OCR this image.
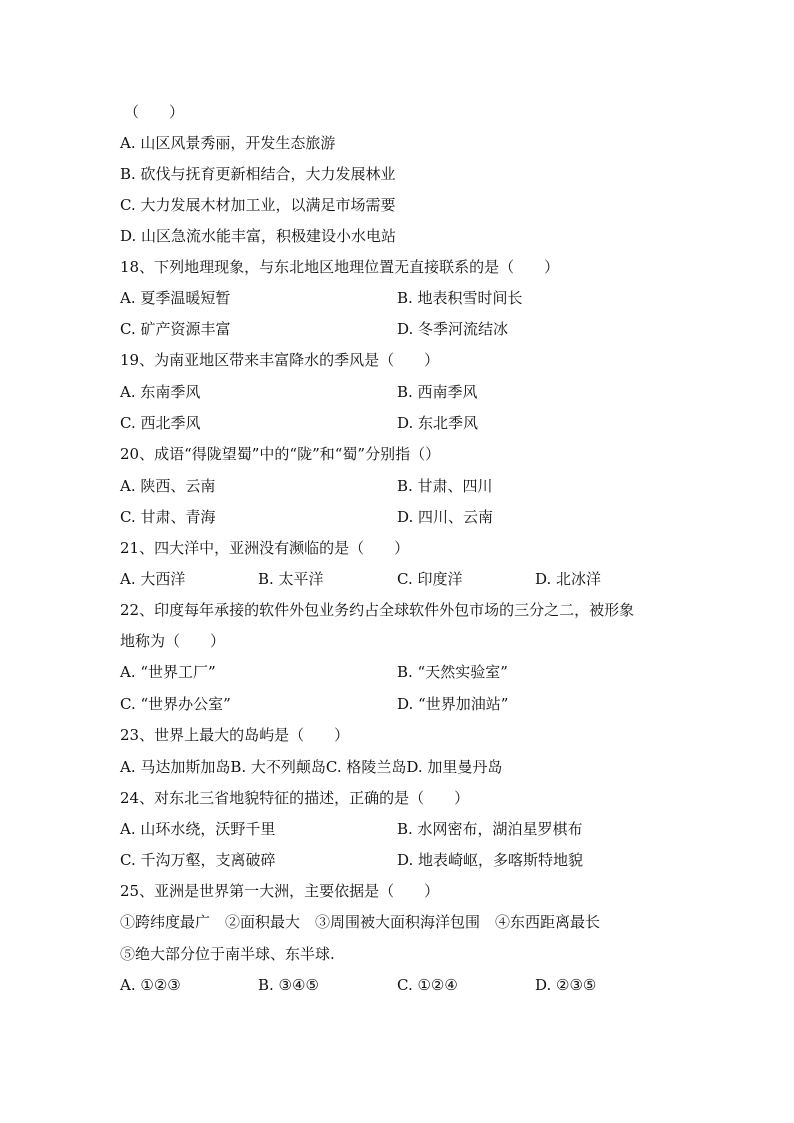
（　　）
A. 山区风景秀丽，开发生态旅游
B. 砍伐与抚育更新相结合，大力发展林业
C. 大力发展木材加工业，以满足市场需要
D. 山区急流水能丰富，积极建设小水电站
18、下列地理现象，与东北地区地理位置无直接联系的是（　　）
A. 夏季温暖短暂	B. 地表积雪时间长
C. 矿产资源丰富	D. 冬季河流结冰
19、为南亚地区带来丰富降水的季风是（　　）
A. 东南季风	B. 西南季风
C. 西北季风	D. 东北季风
20、成语“得陇望蜀”中的“陇”和“蜀”分别指（）
A. 陕西、云南	B. 甘肃、四川
C. 甘肃、青海	D. 四川、云南
21、四大洋中，亚洲没有濒临的是（　　）
A. 大西洋	B. 太平洋	C. 印度洋	D. 北冰洋
22、印度每年承接的软件外包业务约占全球软件外包市场的三分之二，被形象
地称为（　　）
A. “世界工厂”	B. “天然实验室”
C. “世界办公室”	D. “世界加油站”
23、世界上最大的岛屿是（　　）
A. 马达加斯加岛B. 大不列颠岛C. 格陵兰岛D. 加里曼丹岛
24、对东北三省地貌特征的描述，正确的是（　　）
A. 山环水绕，沃野千里	B. 水网密布，湖泊星罗棋布
C. 千沟万壑，支离破碎	D. 地表崎岖，多喀斯特地貌
25、亚洲是世界第一大洲，主要依据是（　　）
①跨纬度最广　②面积最大　③周围被大面积海洋包围　④东西距离最长
⑤绝大部分位于南半球、东半球.
A. ①②③	B. ③④⑤	C. ①②④	D. ②③⑤
